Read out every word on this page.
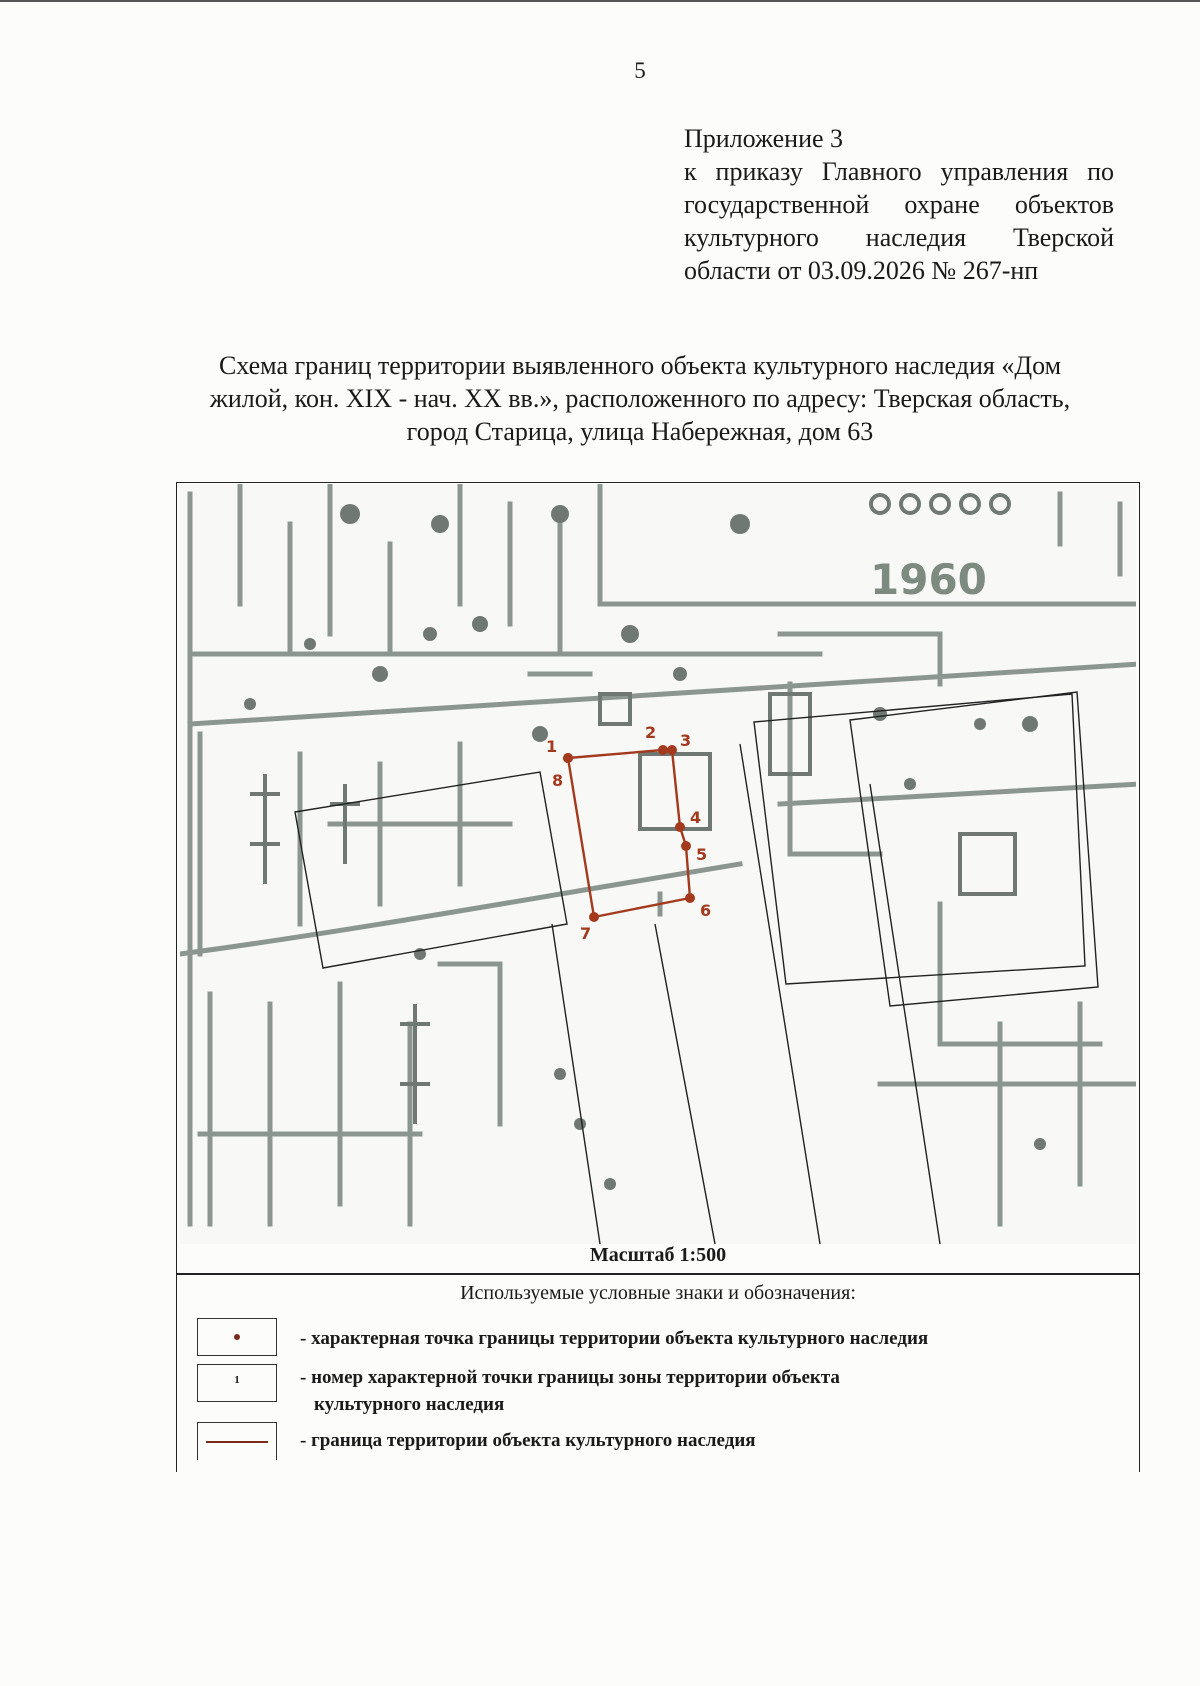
5
Приложение 3
к приказу Главного управления по
государственной охране объектов
культурного наследия Тверской
области от 03.09.2026 № 267-нп
Схема границ территории выявленного объекта культурного наследия «Дом
жилой, кон. XIX - нач. XX вв.», расположенного по адресу: Тверская область,
город Старица, улица Набережная, дом 63
1960
1
2 3
4
5
6
7
8
Масштаб 1:500
Используемые условные знаки и обозначения:
- характерная точка границы территории объекта культурного наследия
1	- номер характерной точки границы зоны территории объекта
культурного наследия
- граница территории объекта культурного наследия
